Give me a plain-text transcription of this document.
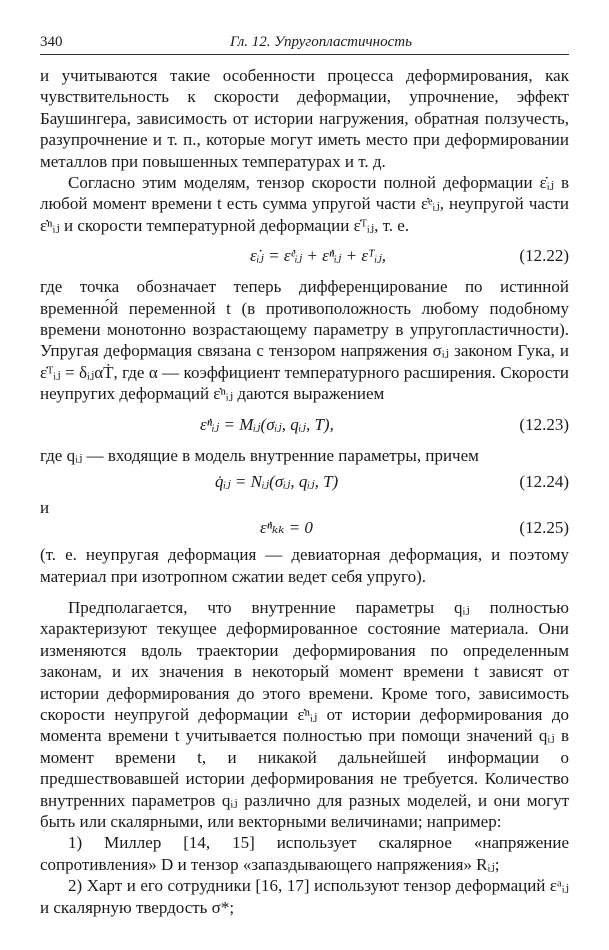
340	Гл. 12. Упругопластичность

и учитываются такие особенности процесса деформирования, как чувствительность к скорости деформации, упрочнение, эффект Баушингера, зависимость от истории нагружения, обратная ползучесть, разупрочнение и т. п., которые могут иметь место при деформировании металлов при повышенных температурах и т. д.

Согласно этим моделям, тензор скорости полной деформации ε̇ᵢⱼ в любой момент времени t есть сумма упругой части ε̇ᵉᵢⱼ, неупругой части ε̇ⁿᵢⱼ и скорости температурной деформации ε̇ᵀᵢⱼ, т. е.

ε̇ᵢⱼ = ε̇ᵉᵢⱼ + ε̇ⁿᵢⱼ + ε̇ᵀᵢⱼ,	(12.22)

где точка обозначает теперь дифференцирование по истинной временно́й переменной t (в противоположность любому подобному времени монотонно возрастающему параметру в упругопластичности). Упругая деформация связана с тензором напряжения σᵢⱼ законом Гука, и ε̇ᵀᵢⱼ = δᵢⱼαṪ, где α — коэффициент температурного расширения. Скорости неупругих деформаций ε̇ⁿᵢⱼ даются выражением

ε̇ⁿᵢⱼ = Mᵢⱼ(σᵢⱼ, qᵢⱼ, T),	(12.23)

где qᵢⱼ — входящие в модель внутренние параметры, причем

q̇ᵢⱼ = Nᵢⱼ(σᵢⱼ, qᵢⱼ, T)	(12.24)
и
ε̇ⁿₖₖ = 0	(12.25)

(т. е. неупругая деформация — девиаторная деформация, и поэтому материал при изотропном сжатии ведет себя упруго).

Предполагается, что внутренние параметры qᵢⱼ полностью характеризуют текущее деформированное состояние материала. Они изменяются вдоль траектории деформирования по определенным законам, и их значения в некоторый момент времени t зависят от истории деформирования до этого времени. Кроме того, зависимость скорости неупругой деформации ε̇ⁿᵢⱼ от истории деформирования до момента времени t учитывается полностью при помощи значений qᵢⱼ в момент времени t, и никакой дальнейшей информации о предшествовавшей истории деформирования не требуется. Количество внутренних параметров qᵢⱼ различно для разных моделей, и они могут быть или скалярными, или векторными величинами; например:

1) Миллер [14, 15] использует скалярное «напряжение сопротивления» D и тензор «запаздывающего напряжения» Rᵢⱼ;

2) Харт и его сотрудники [16, 17] используют тензор деформаций εᵃᵢⱼ и скалярную твердость σ*;
